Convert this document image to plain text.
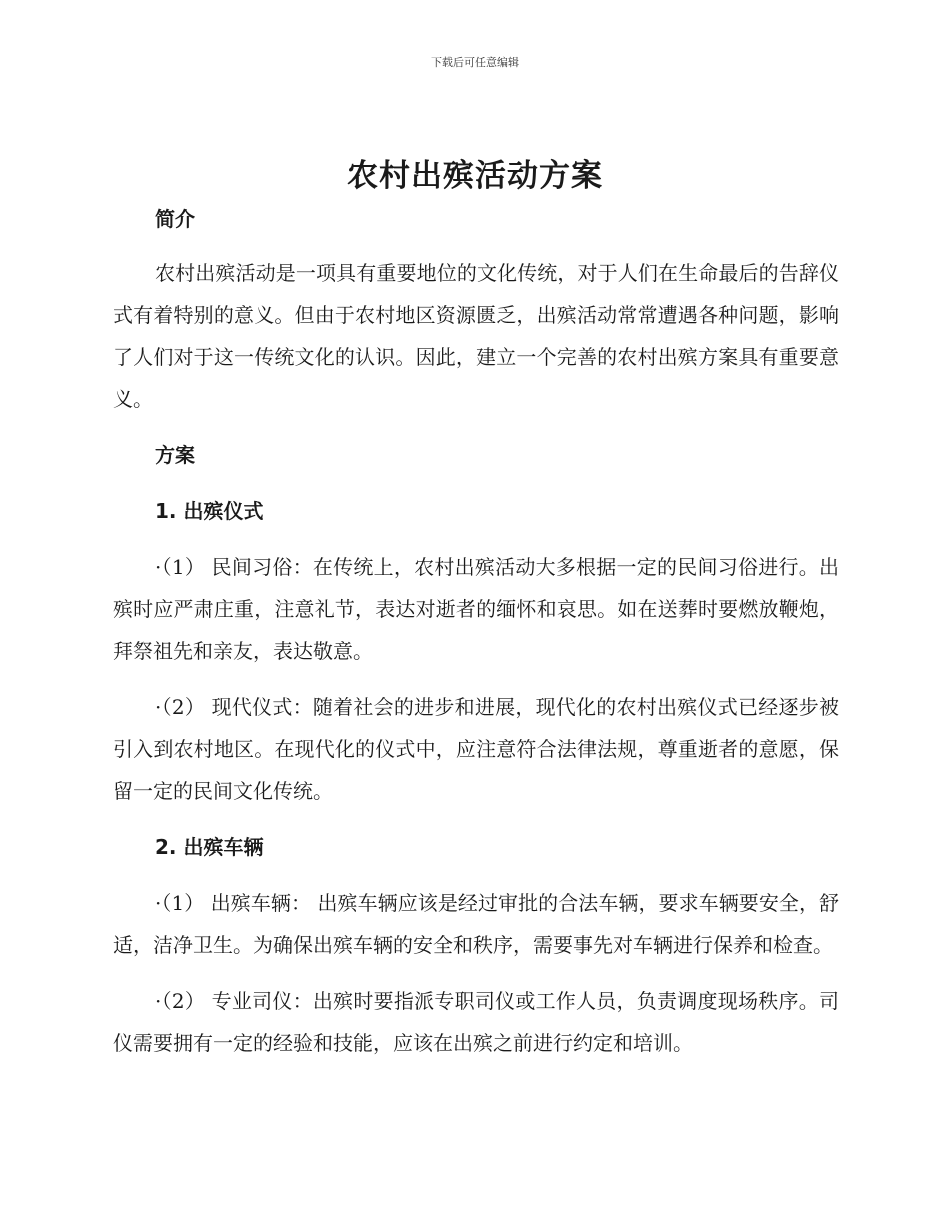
下载后可任意编辑
农村出殡活动方案
简介

农村出殡活动是一项具有重要地位的文化传统，对于人们在生命最后的告辞仪式有着特别的意义。但由于农村地区资源匮乏，出殡活动常常遭遇各种问题，影响了人们对于这一传统文化的认识。因此，建立一个完善的农村出殡方案具有重要意义。

方案
1. 出殡仪式

·（1） 民间习俗：在传统上，农村出殡活动大多根据一定的民间习俗进行。出殡时应严肃庄重，注意礼节，表达对逝者的缅怀和哀思。如在送葬时要燃放鞭炮，拜祭祖先和亲友，表达敬意。

·（2） 现代仪式：随着社会的进步和进展，现代化的农村出殡仪式已经逐步被引入到农村地区。在现代化的仪式中，应注意符合法律法规，尊重逝者的意愿，保留一定的民间文化传统。

2. 出殡车辆

·（1） 出殡车辆： 出殡车辆应该是经过审批的合法车辆，要求车辆要安全，舒适，洁净卫生。为确保出殡车辆的安全和秩序，需要事先对车辆进行保养和检查。

·（2） 专业司仪：出殡时要指派专职司仪或工作人员，负责调度现场秩序。司仪需要拥有一定的经验和技能，应该在出殡之前进行约定和培训。
